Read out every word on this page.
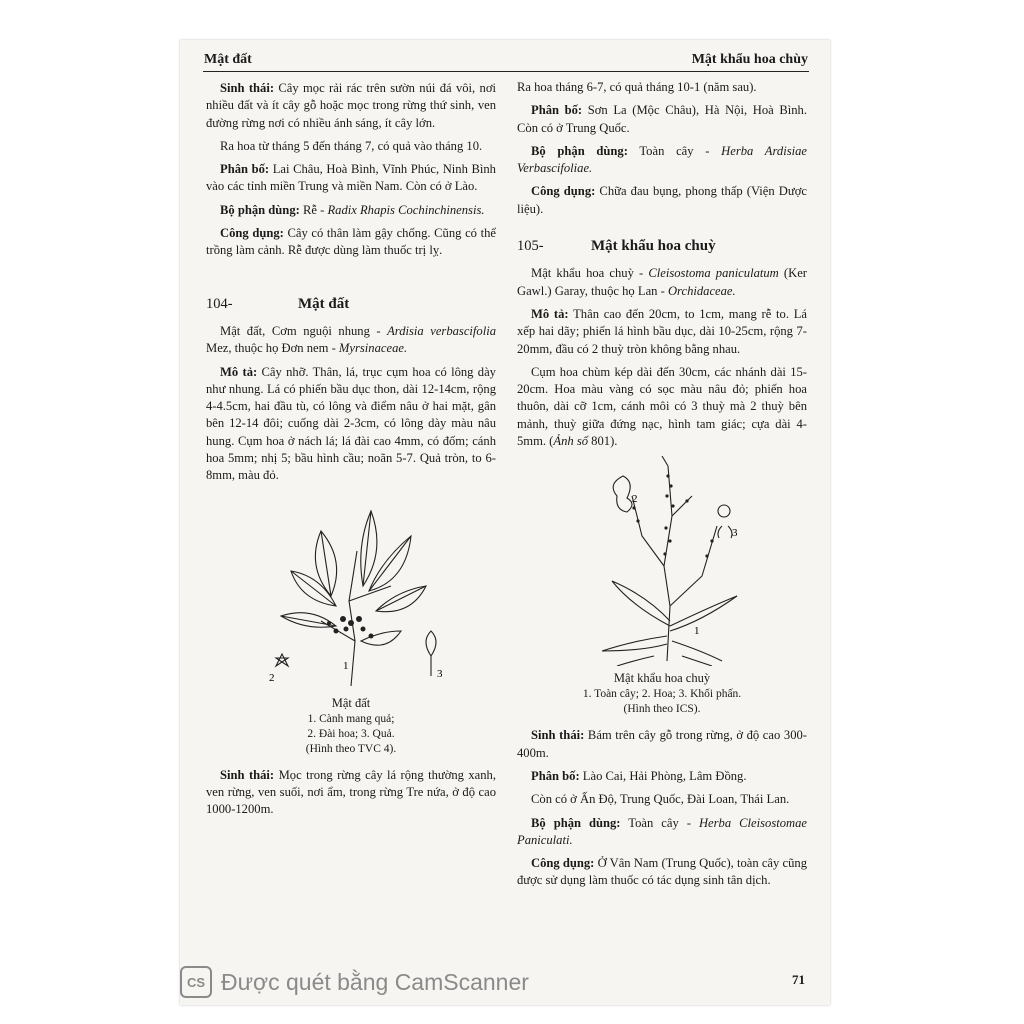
Mật đất	Mật khẩu hoa chùy

Sinh thái: Cây mọc rải rác trên sườn núi đá vôi, nơi nhiều đất và ít cây gỗ hoặc mọc trong rừng thứ sinh, ven đường rừng nơi có nhiều ánh sáng, ít cây lớn.

Ra hoa từ tháng 5 đến tháng 7, có quả vào tháng 10.

Phân bố: Lai Châu, Hoà Bình, Vĩnh Phúc, Ninh Bình vào các tỉnh miền Trung và miền Nam. Còn có ở Lào.

Bộ phận dùng: Rễ - Radix Rhapis Cochinchinensis.

Công dụng: Cây có thân làm gậy chống. Cũng có thể trồng làm cảnh. Rễ được dùng làm thuốc trị lỵ.

104-	Mật đất

Mật đất, Cơm nguội nhung - Ardisia verbascifolia Mez, thuộc họ Đơn nem - Myrsinaceae.

Mô tả: Cây nhỡ. Thân, lá, trục cụm hoa có lông dày như nhung. Lá có phiến bầu dục thon, dài 12-14cm, rộng 4-4.5cm, hai đầu tù, có lông và điểm nâu ở hai mặt, gân bên 12-14 đôi; cuống dài 2-3cm, có lông dày màu nâu hung. Cụm hoa ở nách lá; lá đài cao 4mm, có đốm; cánh hoa 5mm; nhị 5; bầu hình cầu; noãn 5-7. Quả tròn, to 6-8mm, màu đỏ.

2
1
3
Mật đất
1. Cành mang quả;
2. Đài hoa; 3. Quả.
(Hình theo TVC 4).

Sinh thái: Mọc trong rừng cây lá rộng thường xanh, ven rừng, ven suối, nơi ẩm, trong rừng Tre nứa, ở độ cao 1000-1200m.

Ra hoa tháng 6-7, có quả tháng 10-1 (năm sau).

Phân bố: Sơn La (Mộc Châu), Hà Nội, Hoà Bình. Còn có ở Trung Quốc.

Bộ phận dùng: Toàn cây - Herba Ardisiae Verbascifoliae.

Công dụng: Chữa đau bụng, phong thấp (Viện Dược liệu).

105-	Mật khẩu hoa chuỳ

Mật khẩu hoa chuỳ - Cleisostoma paniculatum (Ker Gawl.) Garay, thuộc họ Lan - Orchidaceae.

Mô tả: Thân cao đến 20cm, to 1cm, mang rễ to. Lá xếp hai dãy; phiến lá hình bầu dục, dài 10-25cm, rộng 7-20mm, đầu có 2 thuỳ tròn không bằng nhau.

Cụm hoa chùm kép dài đến 30cm, các nhánh dài 15-20cm. Hoa màu vàng có sọc màu nâu đỏ; phiến hoa thuôn, dài cỡ 1cm, cánh môi có 3 thuỳ mà 2 thuỳ bên mảnh, thuỳ giữa đứng nạc, hình tam giác; cựa dài 4-5mm. (Ảnh số 801).

2
3
1
Mật khẩu hoa chuỳ
1. Toàn cây; 2. Hoa; 3. Khối phấn.
(Hình theo ICS).

Sinh thái: Bám trên cây gỗ trong rừng, ở độ cao 300-400m.

Phân bố: Lào Cai, Hải Phòng, Lâm Đồng.

Còn có ở Ấn Độ, Trung Quốc, Đài Loan, Thái Lan.

Bộ phận dùng: Toàn cây - Herba Cleisostomae Paniculati.

Công dụng: Ở Vân Nam (Trung Quốc), toàn cây cũng được sử dụng làm thuốc có tác dụng sinh tân dịch.

71
CS Được quét bằng CamScanner
